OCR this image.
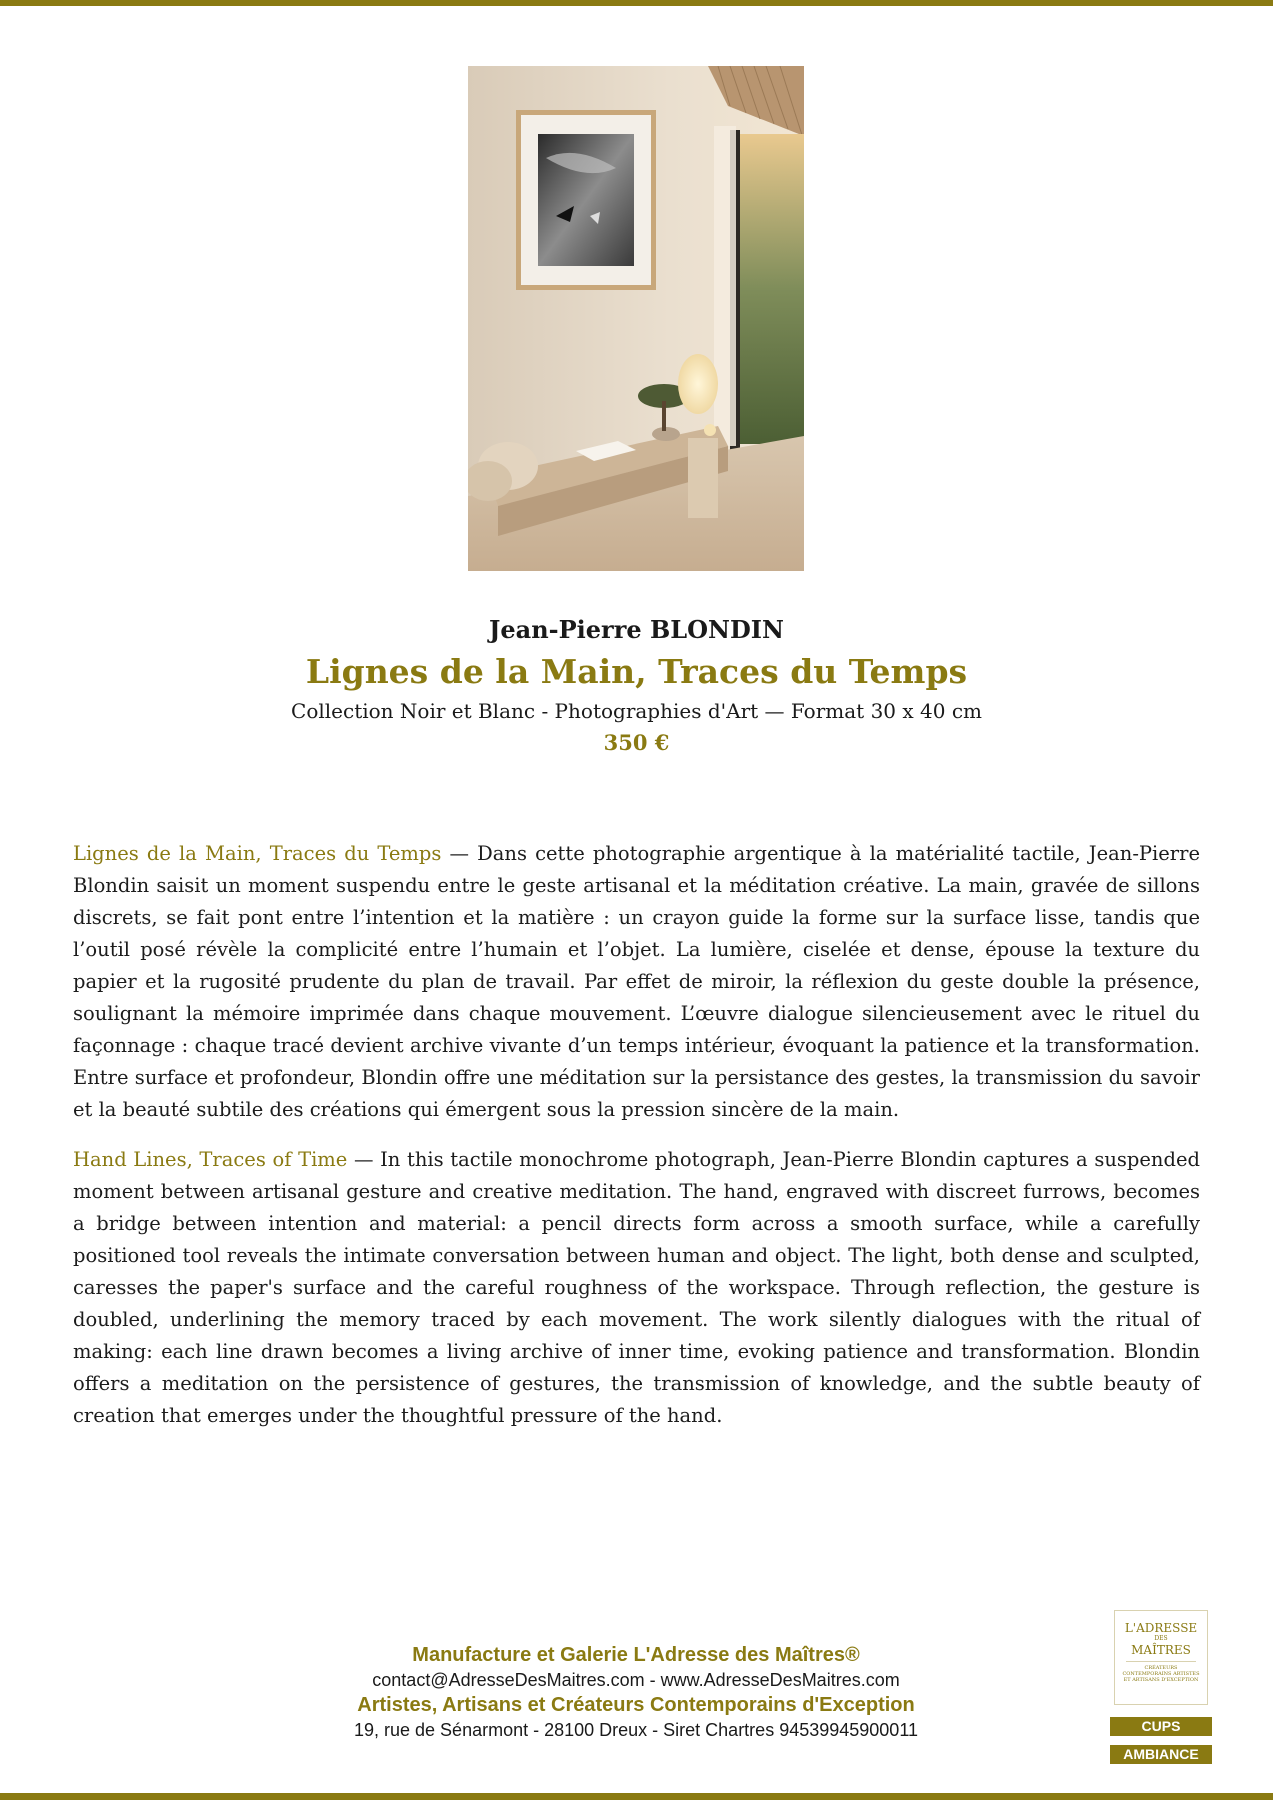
Jean-Pierre BLONDIN

Lignes de la Main, Traces du Temps

Collection Noir et Blanc - Photographies d'Art — Format 30 x 40 cm

350 €

Lignes de la Main, Traces du Temps — Dans cette photographie argentique à la matérialité tactile, Jean-Pierre Blondin saisit un moment suspendu entre le geste artisanal et la méditation créative. La main, gravée de sillons discrets, se fait pont entre l’intention et la matière : un crayon guide la forme sur la surface lisse, tandis que l’outil posé révèle la complicité entre l’humain et l’objet. La lumière, ciselée et dense, épouse la texture du papier et la rugosité prudente du plan de travail. Par effet de miroir, la réflexion du geste double la présence, soulignant la mémoire imprimée dans chaque mouvement. L’œuvre dialogue silencieusement avec le rituel du façonnage : chaque tracé devient archive vivante d’un temps intérieur, évoquant la patience et la transformation. Entre surface et profondeur, Blondin offre une méditation sur la persistance des gestes, la transmission du savoir et la beauté subtile des créations qui émergent sous la pression sincère de la main.

Hand Lines, Traces of Time — In this tactile monochrome photograph, Jean-Pierre Blondin captures a suspended moment between artisanal gesture and creative meditation. The hand, engraved with discreet furrows, becomes a bridge between intention and material: a pencil directs form across a smooth surface, while a carefully positioned tool reveals the intimate conversation between human and object. The light, both dense and sculpted, caresses the paper's surface and the careful roughness of the workspace. Through reflection, the gesture is doubled, underlining the memory traced by each movement. The work silently dialogues with the ritual of making: each line drawn becomes a living archive of inner time, evoking patience and transformation. Blondin offers a meditation on the persistence of gestures, the transmission of knowledge, and the subtle beauty of creation that emerges under the thoughtful pressure of the hand.

Manufacture et Galerie L'Adresse des Maîtres®

contact@AdresseDesMaitres.com - www.AdresseDesMaitres.com

Artistes, Artisans et Créateurs Contemporains d'Exception

19, rue de Sénarmont - 28100 Dreux - Siret Chartres 94539945900011

L'ADRESSE
DES
MAÎTRES
CRÉATEURS CONTEMPORAINS ARTISTES ET ARTISANS D'EXCEPTION
CUPS
AMBIANCE
